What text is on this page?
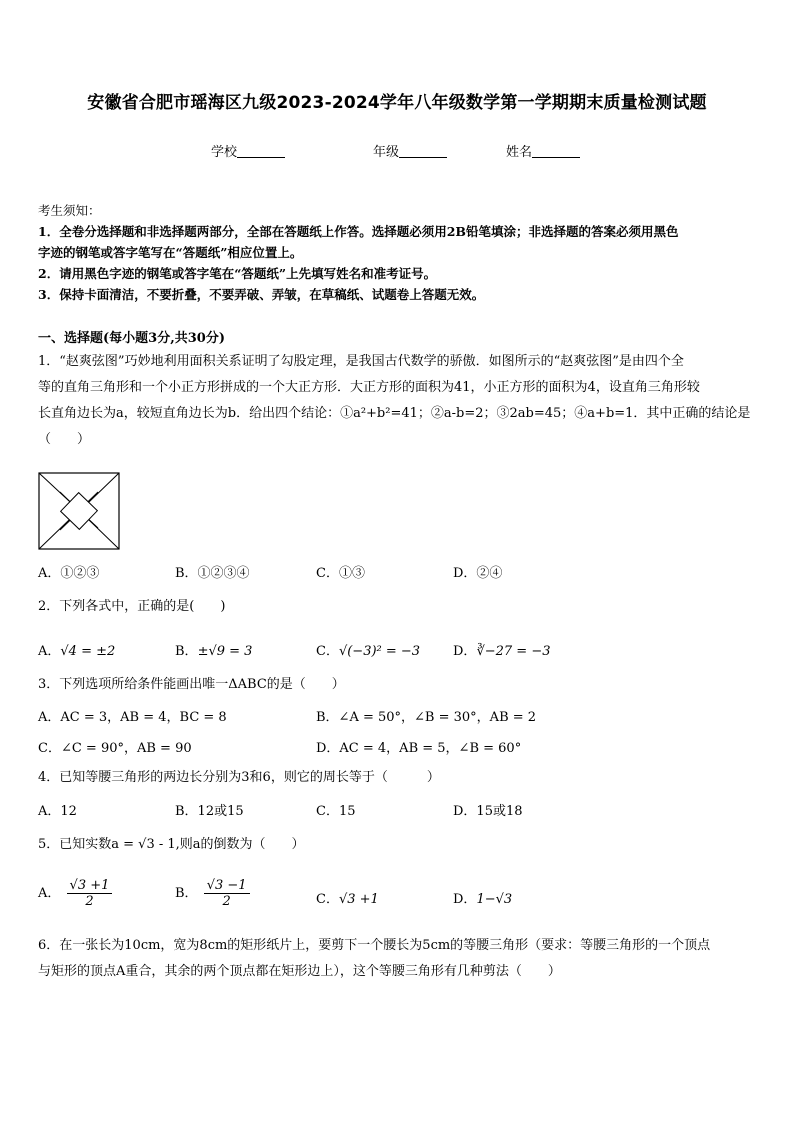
安徽省合肥市瑶海区九级2023-2024学年八年级数学第一学期期末质量检测试题
学校	年级	姓名
考生须知：
1．全卷分选择题和非选择题两部分，全部在答题纸上作答。选择题必须用2B铅笔填涂；非选择题的答案必须用黑色
字迹的钢笔或答字笔写在“答题纸”相应位置上。
2．请用黑色字迹的钢笔或答字笔在“答题纸”上先填写姓名和准考证号。
3．保持卡面清洁，不要折叠，不要弄破、弄皱，在草稿纸、试题卷上答题无效。
一、选择题(每小题3分,共30分)
1．“赵爽弦图”巧妙地利用面积关系证明了勾股定理，是我国古代数学的骄傲．如图所示的“赵爽弦图”是由四个全
等的直角三角形和一个小正方形拼成的一个大正方形．大正方形的面积为41，小正方形的面积为4，设直角三角形较
长直角边长为a，较短直角边长为b．给出四个结论：①a²+b²=41；②a-b=2；③2ab=45；④a+b=1．其中正确的结论是
（　　）
A．①②③	B．①②③④	C．①③	D．②④
2．下列各式中，正确的是(　　)
A．√4 = ±2	B．±√9 = 3	C．√(−3)² = −3	D．∛−27 = −3
3．下列选项所给条件能画出唯一ΔABC的是（　　）
A．AC = 3，AB = 4，BC = 8	B．∠A = 50°，∠B = 30°，AB = 2
C．∠C = 90°，AB = 90	D．AC = 4，AB = 5，∠B = 60°
4．已知等腰三角形的两边长分别为3和6，则它的周长等于（　　　）
A．12	B．12或15	C．15	D．15或18
5．已知实数a = √3 - 1,则a的倒数为（　　）
A． $\frac{√3 +1}{2}$	B． $\frac{√3 -1}{2}$	C．√3 +1	D．1−√3
6．在一张长为10cm，宽为8cm的矩形纸片上，要剪下一个腰长为5cm的等腰三角形（要求：等腰三角形的一个顶点
与矩形的顶点A重合，其余的两个顶点都在矩形边上），这个等腰三角形有几种剪法（　　）
